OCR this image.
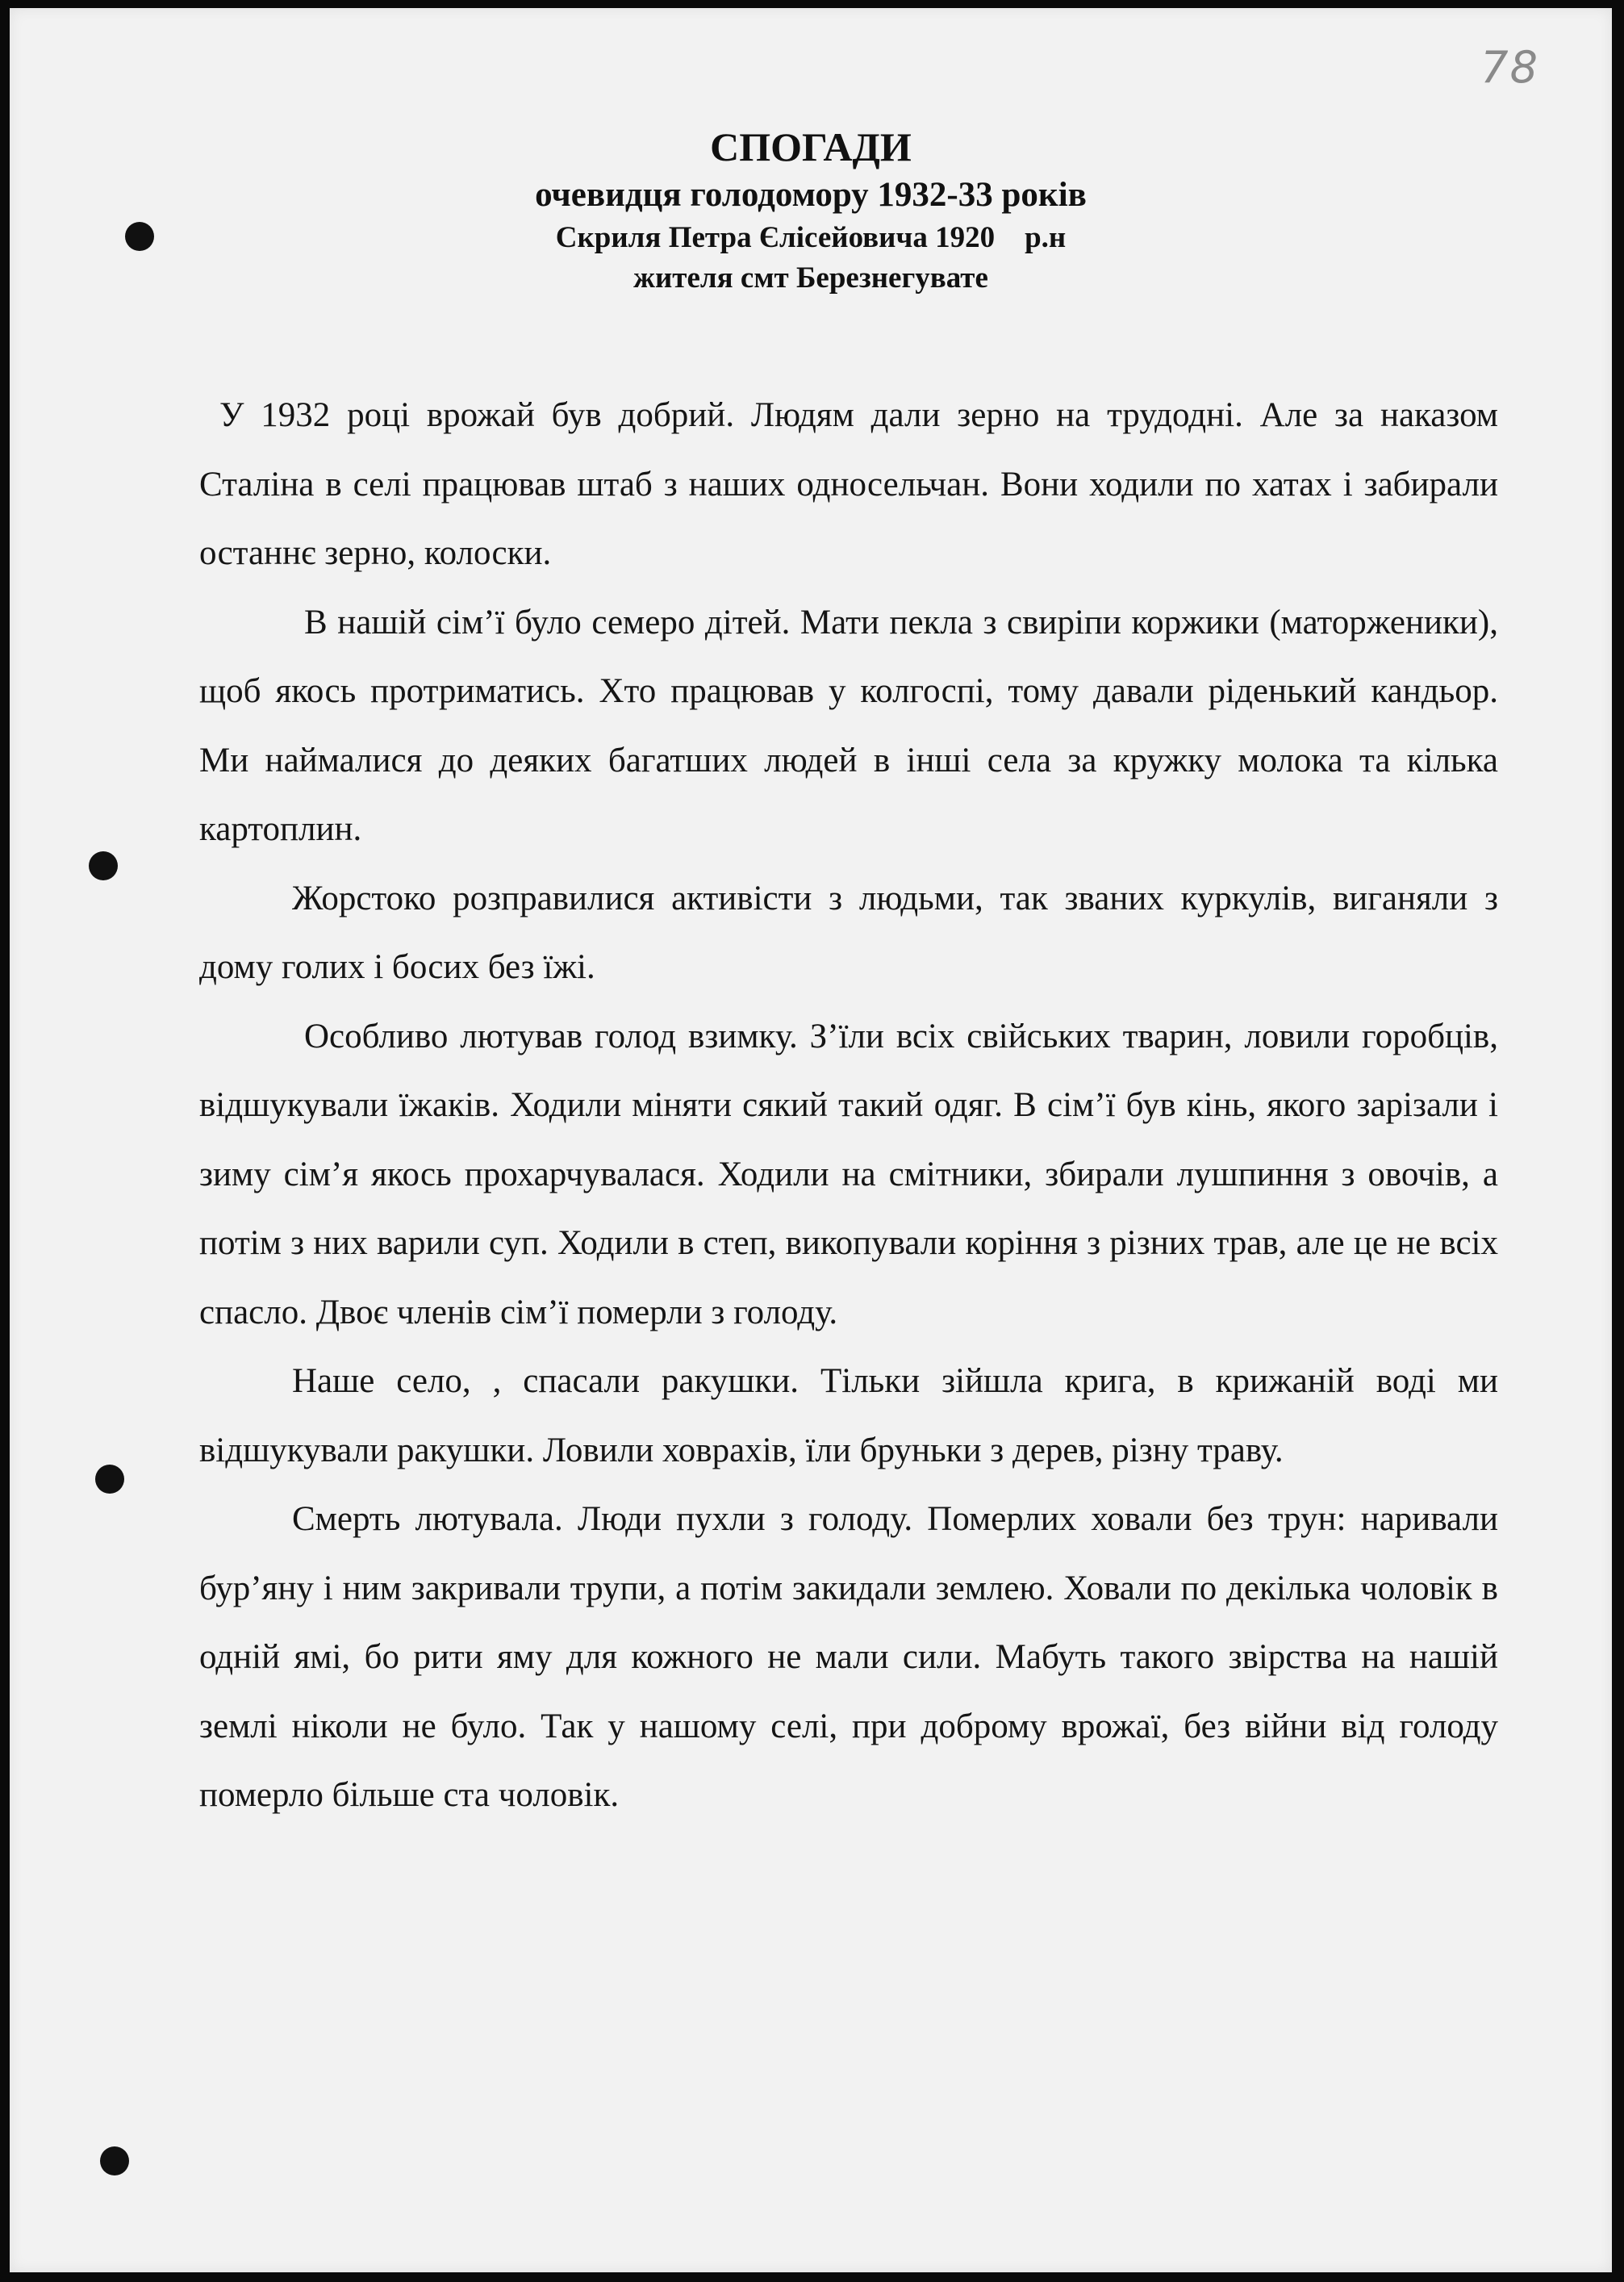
78
СПОГАДИ
очевидця голодомору 1932-33 років
Скриля Петра Єлісейовича 1920    р.н
жителя смт Березнегувате

У 1932 році врожай був добрий. Людям дали зерно на трудодні. Але за наказом Сталіна в селі працював штаб з наших односельчан. Вони ходили по хатах і забирали останнє зерно, колоски.

В нашій сім’ї було семеро дітей. Мати пекла з свиріпи коржики (маторженики), щоб якось протриматись. Хто працював у колгоспі, тому давали ріденький кандьор. Ми наймалися до деяких багатших людей в інші села за кружку молока та кілька картоплин.

Жорстоко розправилися активісти з людьми, так званих куркулів, виганяли з дому голих і босих без їжі.

Особливо лютував голод взимку. З’їли всіх свійських тварин, ловили горобців, відшукували їжаків. Ходили міняти сякий такий одяг. В сім’ї був кінь, якого зарізали і зиму сім’я якось прохарчувалася. Ходили на смітники, збирали лушпиння з овочів, а потім з них варили суп. Ходили в степ, викопували коріння з різних трав, але це не всіх спасло. Двоє членів сім’ї померли з голоду.

Наше село, , спасали ракушки. Тільки зійшла крига, в крижаній воді ми відшукували ракушки. Ловили ховрахів, їли бруньки з дерев, різну траву.

Смерть лютувала. Люди пухли з голоду. Померлих ховали без трун: наривали бур’яну і ним закривали трупи, а потім закидали землею. Ховали по декілька чоловік в одній ямі, бо рити яму для кожного не мали сили. Мабуть такого звірства на нашій землі ніколи не було. Так у нашому селі, при доброму врожаї, без війни від голоду померло більше ста чоловік.
